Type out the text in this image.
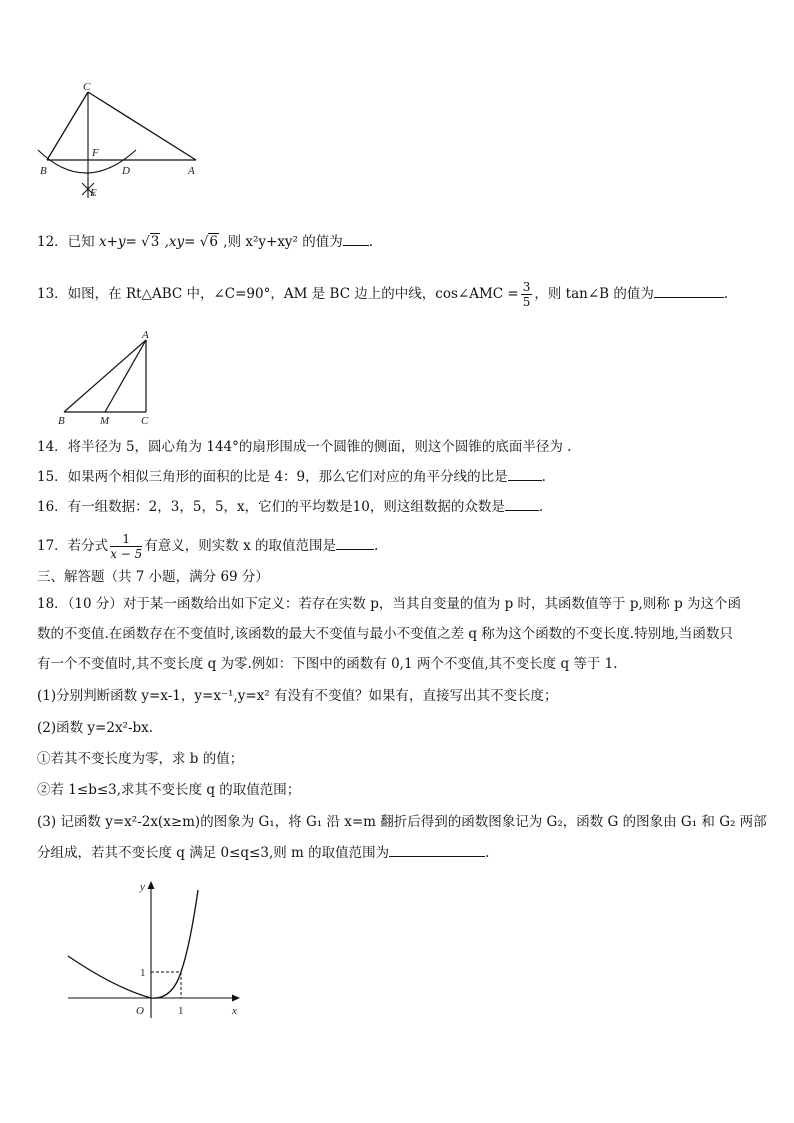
C
F
B	D	A
E
12．已知 x+y= √3 ,xy= √6 ,则 x²y+xy² 的值为 .
13．如图，在 Rt△ABC 中，∠C=90°，AM 是 BC 边上的中线，cos∠AMC = $\frac{3}{5}$ ，则 tan∠B 的值为	.
A
B	M	C
14．将半径为 5，圆心角为 144°的扇形围成一个圆锥的侧面，则这个圆锥的底面半径为 .
15．如果两个相似三角形的面积的比是 4：9，那么它们对应的角平分线的比是	.
16．有一组数据：2，3，5，5，x，它们的平均数是10，则这组数据的众数是	.
17．若分式 $\frac{1}{x - 5}$ 有意义，则实数 x 的取值范围是	.
三、解答题（共 7 小题，满分 69 分）
18．（10 分）对于某一函数给出如下定义：若存在实数 p，当其自变量的值为 p 时，其函数值等于 p,则称 p 为这个函
数的不变值.在函数存在不变值时,该函数的最大不变值与最小不变值之差 q 称为这个函数的不变长度.特别地,当函数只
有一个不变值时,其不变长度 q 为零.例如：下图中的函数有 0,1 两个不变值,其不变长度 q 等于 1.
(1)分别判断函数 y=x-1，y=x⁻¹,y=x² 有没有不变值？如果有，直接写出其不变长度；
(2)函数 y=2x²-bx.
①若其不变长度为零，求 b 的值；
②若 1≤b≤3,求其不变长度 q 的取值范围；
(3) 记函数 y=x²-2x(x≥m)的图象为 G₁，将 G₁ 沿 x=m 翻折后得到的函数图象记为 G₂，函数 G 的图象由 G₁ 和 G₂ 两部
分组成，若其不变长度 q 满足 0≤q≤3,则 m 的取值范围为	.
y
x
O	1
1
